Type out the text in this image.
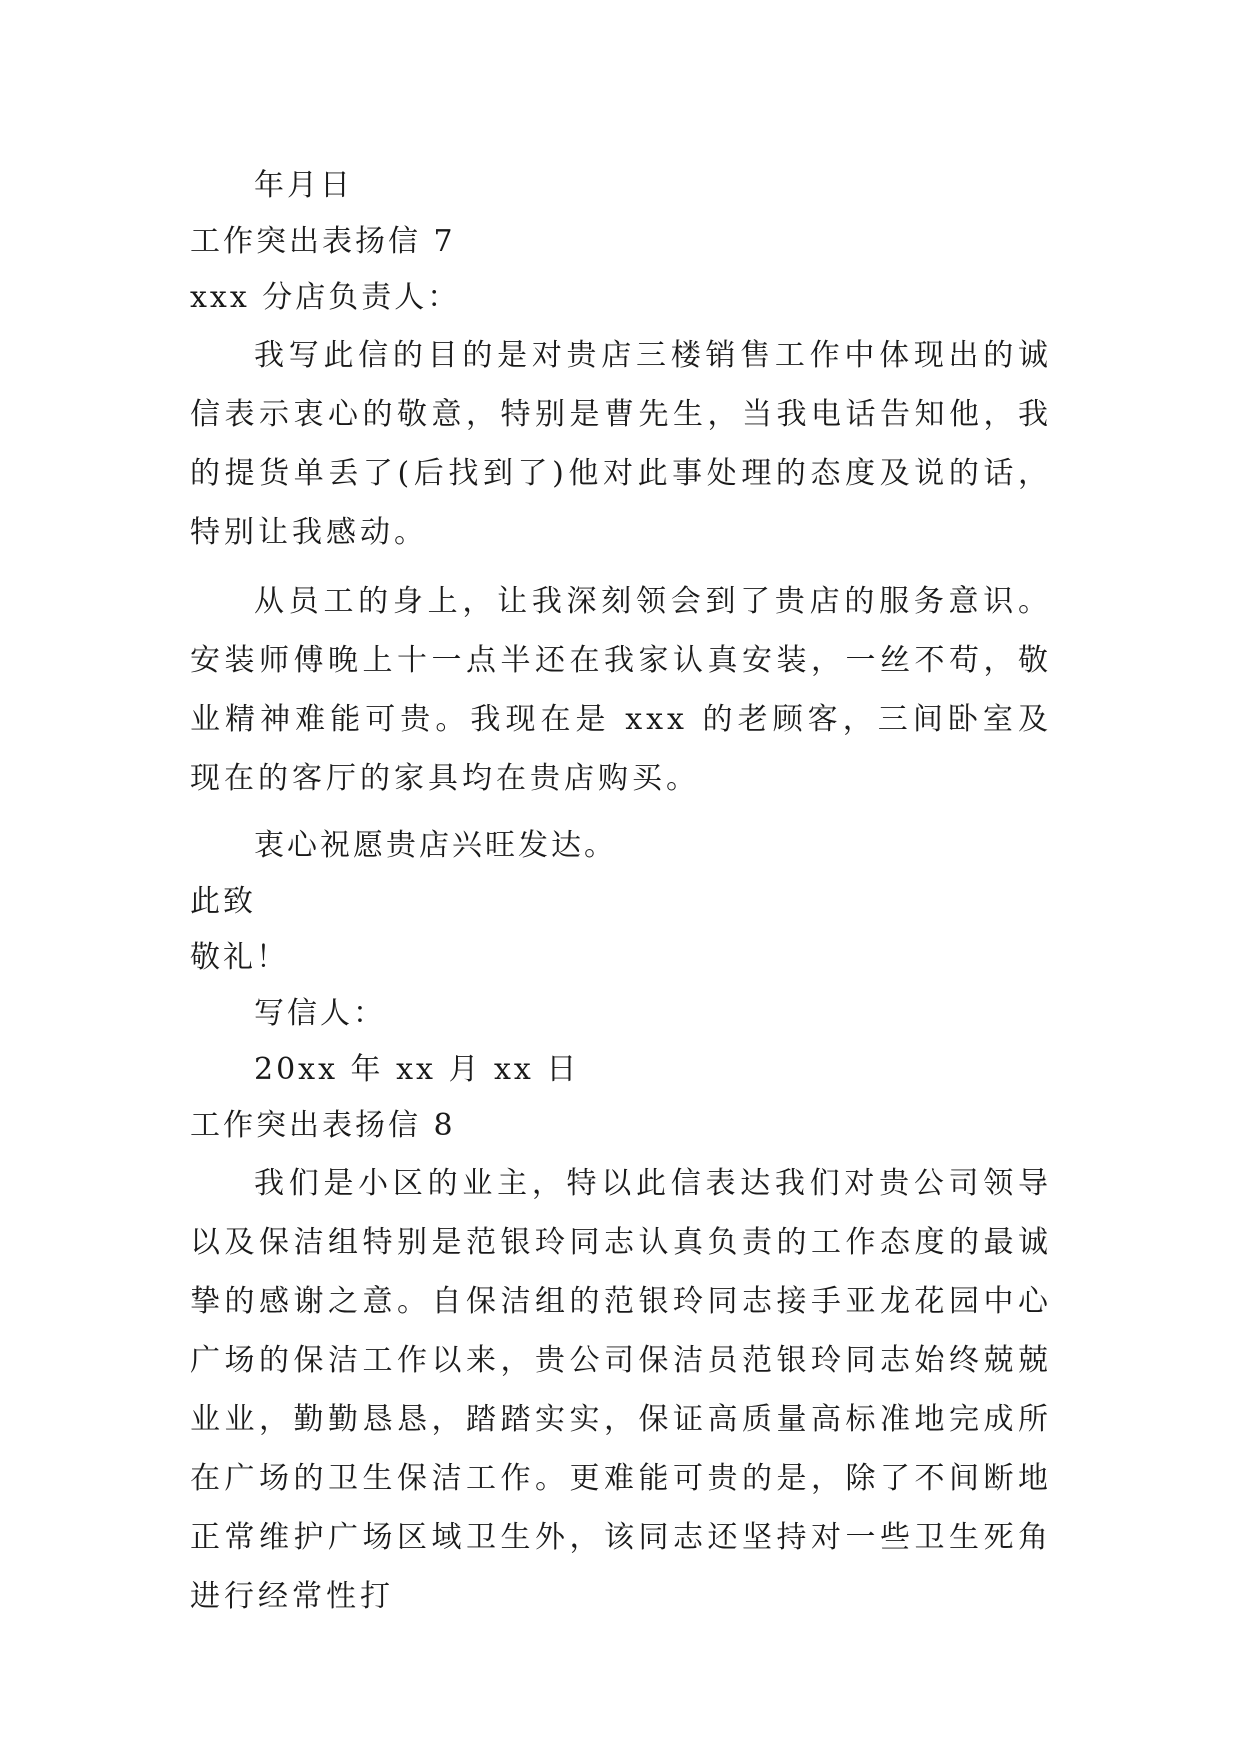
年月日

工作突出表扬信 7

xxx 分店负责人：

我写此信的目的是对贵店三楼销售工作中体现出的诚信表示衷心的敬意，特别是曹先生，当我电话告知他，我的提货单丢了(后找到了)他对此事处理的态度及说的话，特别让我感动。

从员工的身上，让我深刻领会到了贵店的服务意识。安装师傅晚上十一点半还在我家认真安装，一丝不苟，敬业精神难能可贵。我现在是 xxx 的老顾客，三间卧室及现在的客厅的家具均在贵店购买。

衷心祝愿贵店兴旺发达。

此致

敬礼！

写信人：

20xx 年 xx 月 xx 日

工作突出表扬信 8

我们是小区的业主，特以此信表达我们对贵公司领导以及保洁组特别是范银玲同志认真负责的工作态度的最诚挚的感谢之意。自保洁组的范银玲同志接手亚龙花园中心广场的保洁工作以来，贵公司保洁员范银玲同志始终兢兢业业，勤勤恳恳，踏踏实实，保证高质量高标准地完成所在广场的卫生保洁工作。更难能可贵的是，除了不间断地正常维护广场区域卫生外，该同志还坚持对一些卫生死角进行经常性打
